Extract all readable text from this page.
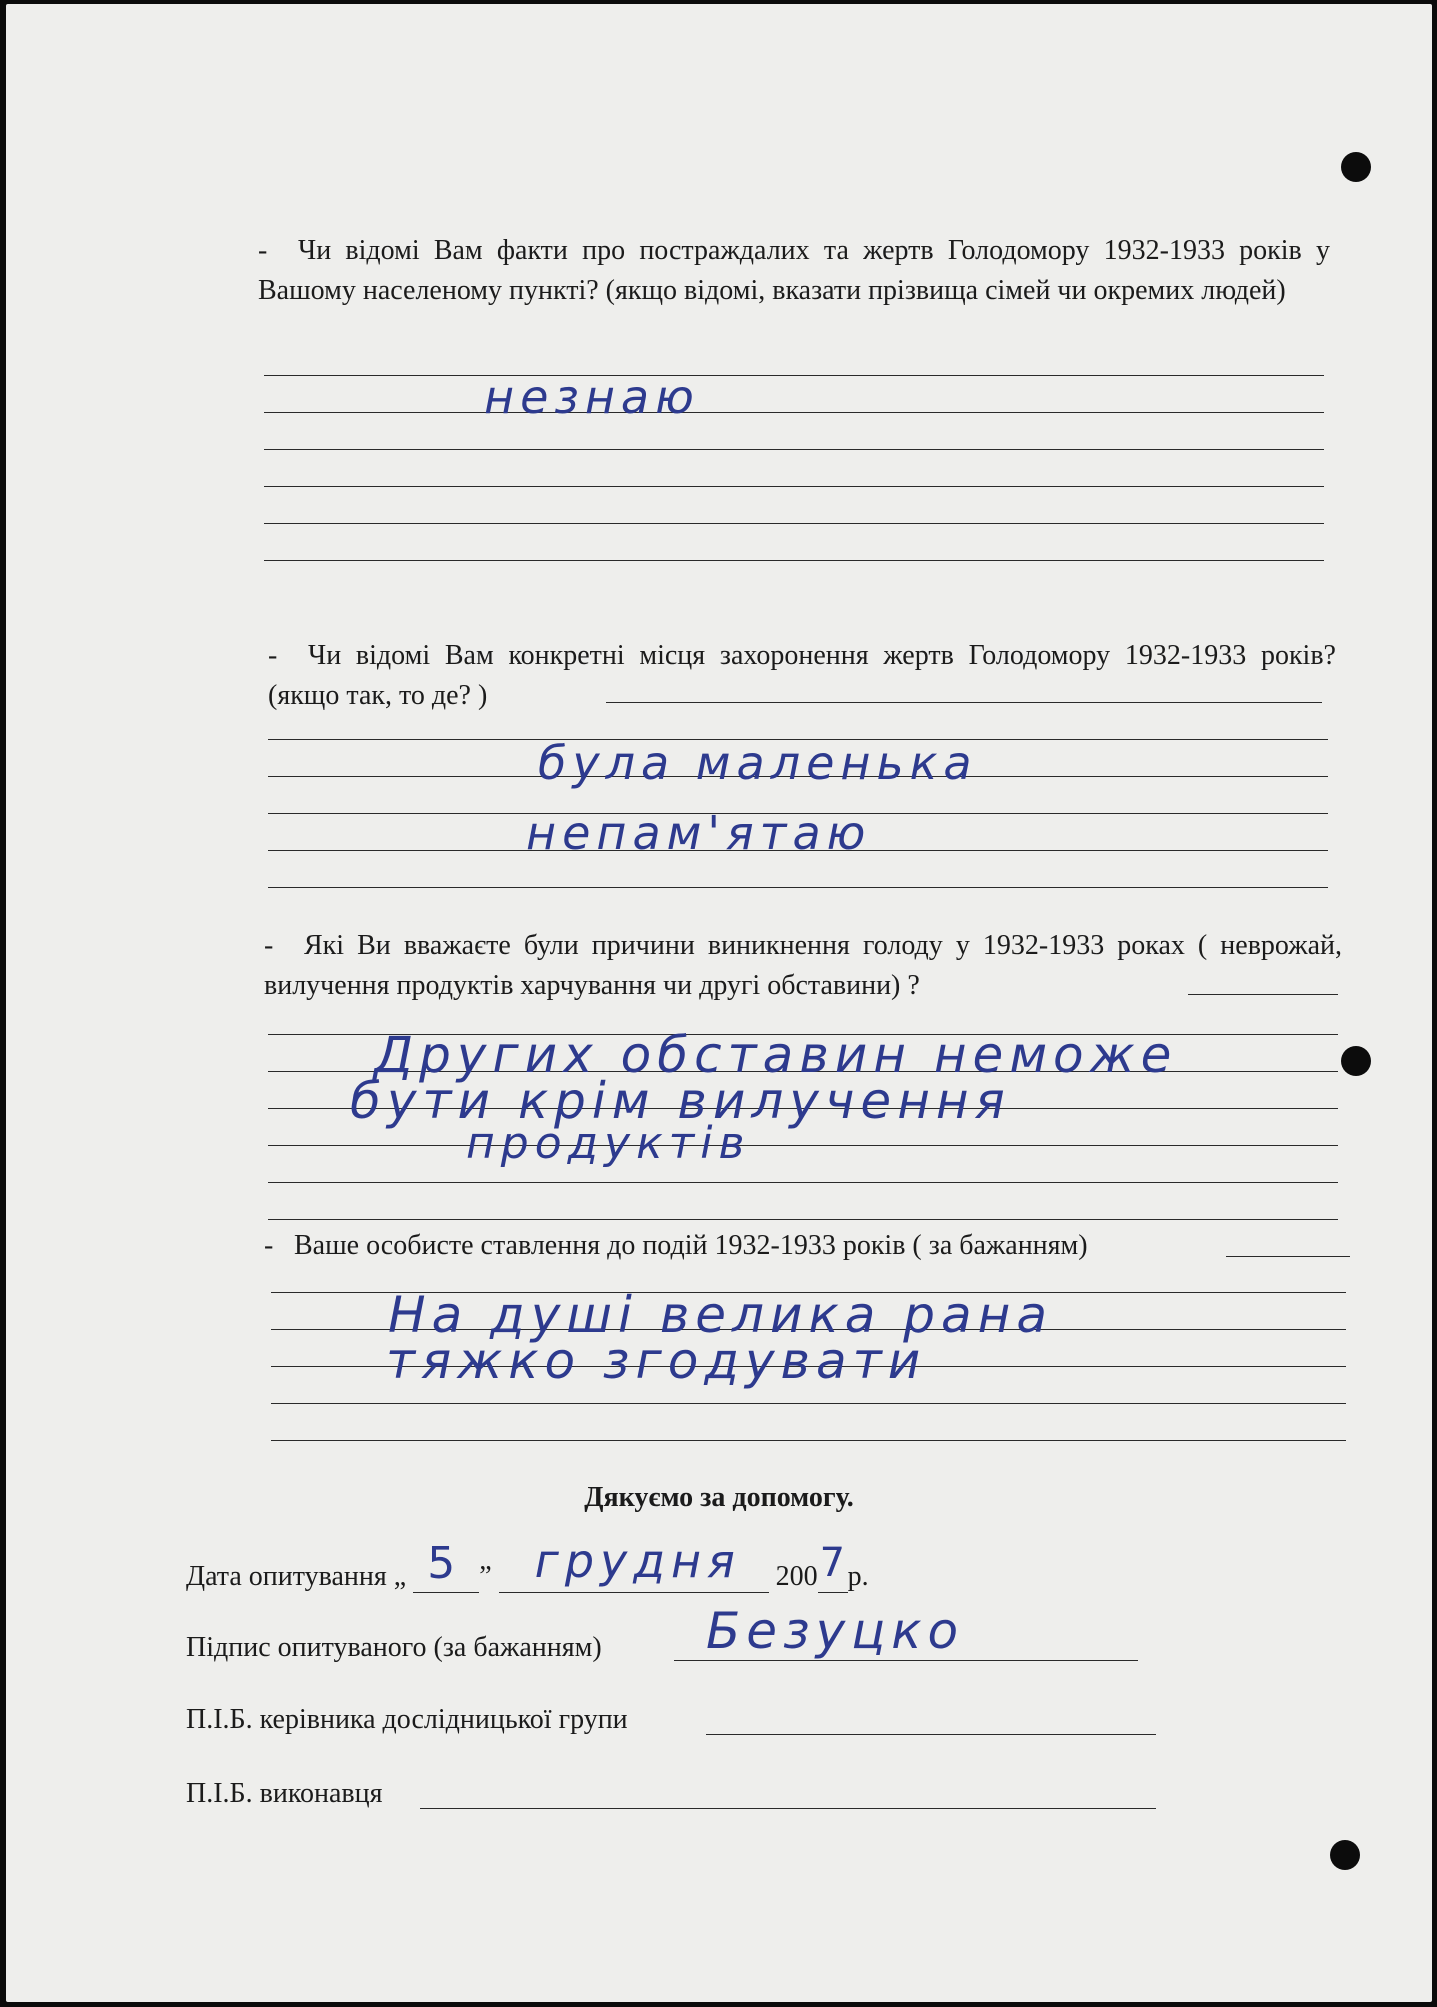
- Чи відомі Вам факти про постраждалих та жертв Голодомору 1932-1933 років у Вашому населеному пункті? (якщо відомі, вказати прізвища сімей чи окремих людей)

незнаю

- Чи відомі Вам конкретні місця захоронення жертв Голодомору 1932-1933 років? (якщо так, то де? )

була маленька
непам'ятаю

- Які Ви вважаєте були причини виникнення голоду у 1932-1933 роках ( неврожай, вилучення продуктів харчування чи другі обставини) ?

Других обставин неможе
бути крім вилучення
продуктів

- Ваше особисте ставлення до подій 1932-1933 років ( за бажанням)

На душі велика рана
тяжко згодувати
Дякуємо за допомогу.
Дата опитування „ 5 ” грудня 200 7
р.
Підпис опитуваного (за бажанням) Безуцко
П.І.Б. керівника дослідницької групи
П.І.Б. виконавця
